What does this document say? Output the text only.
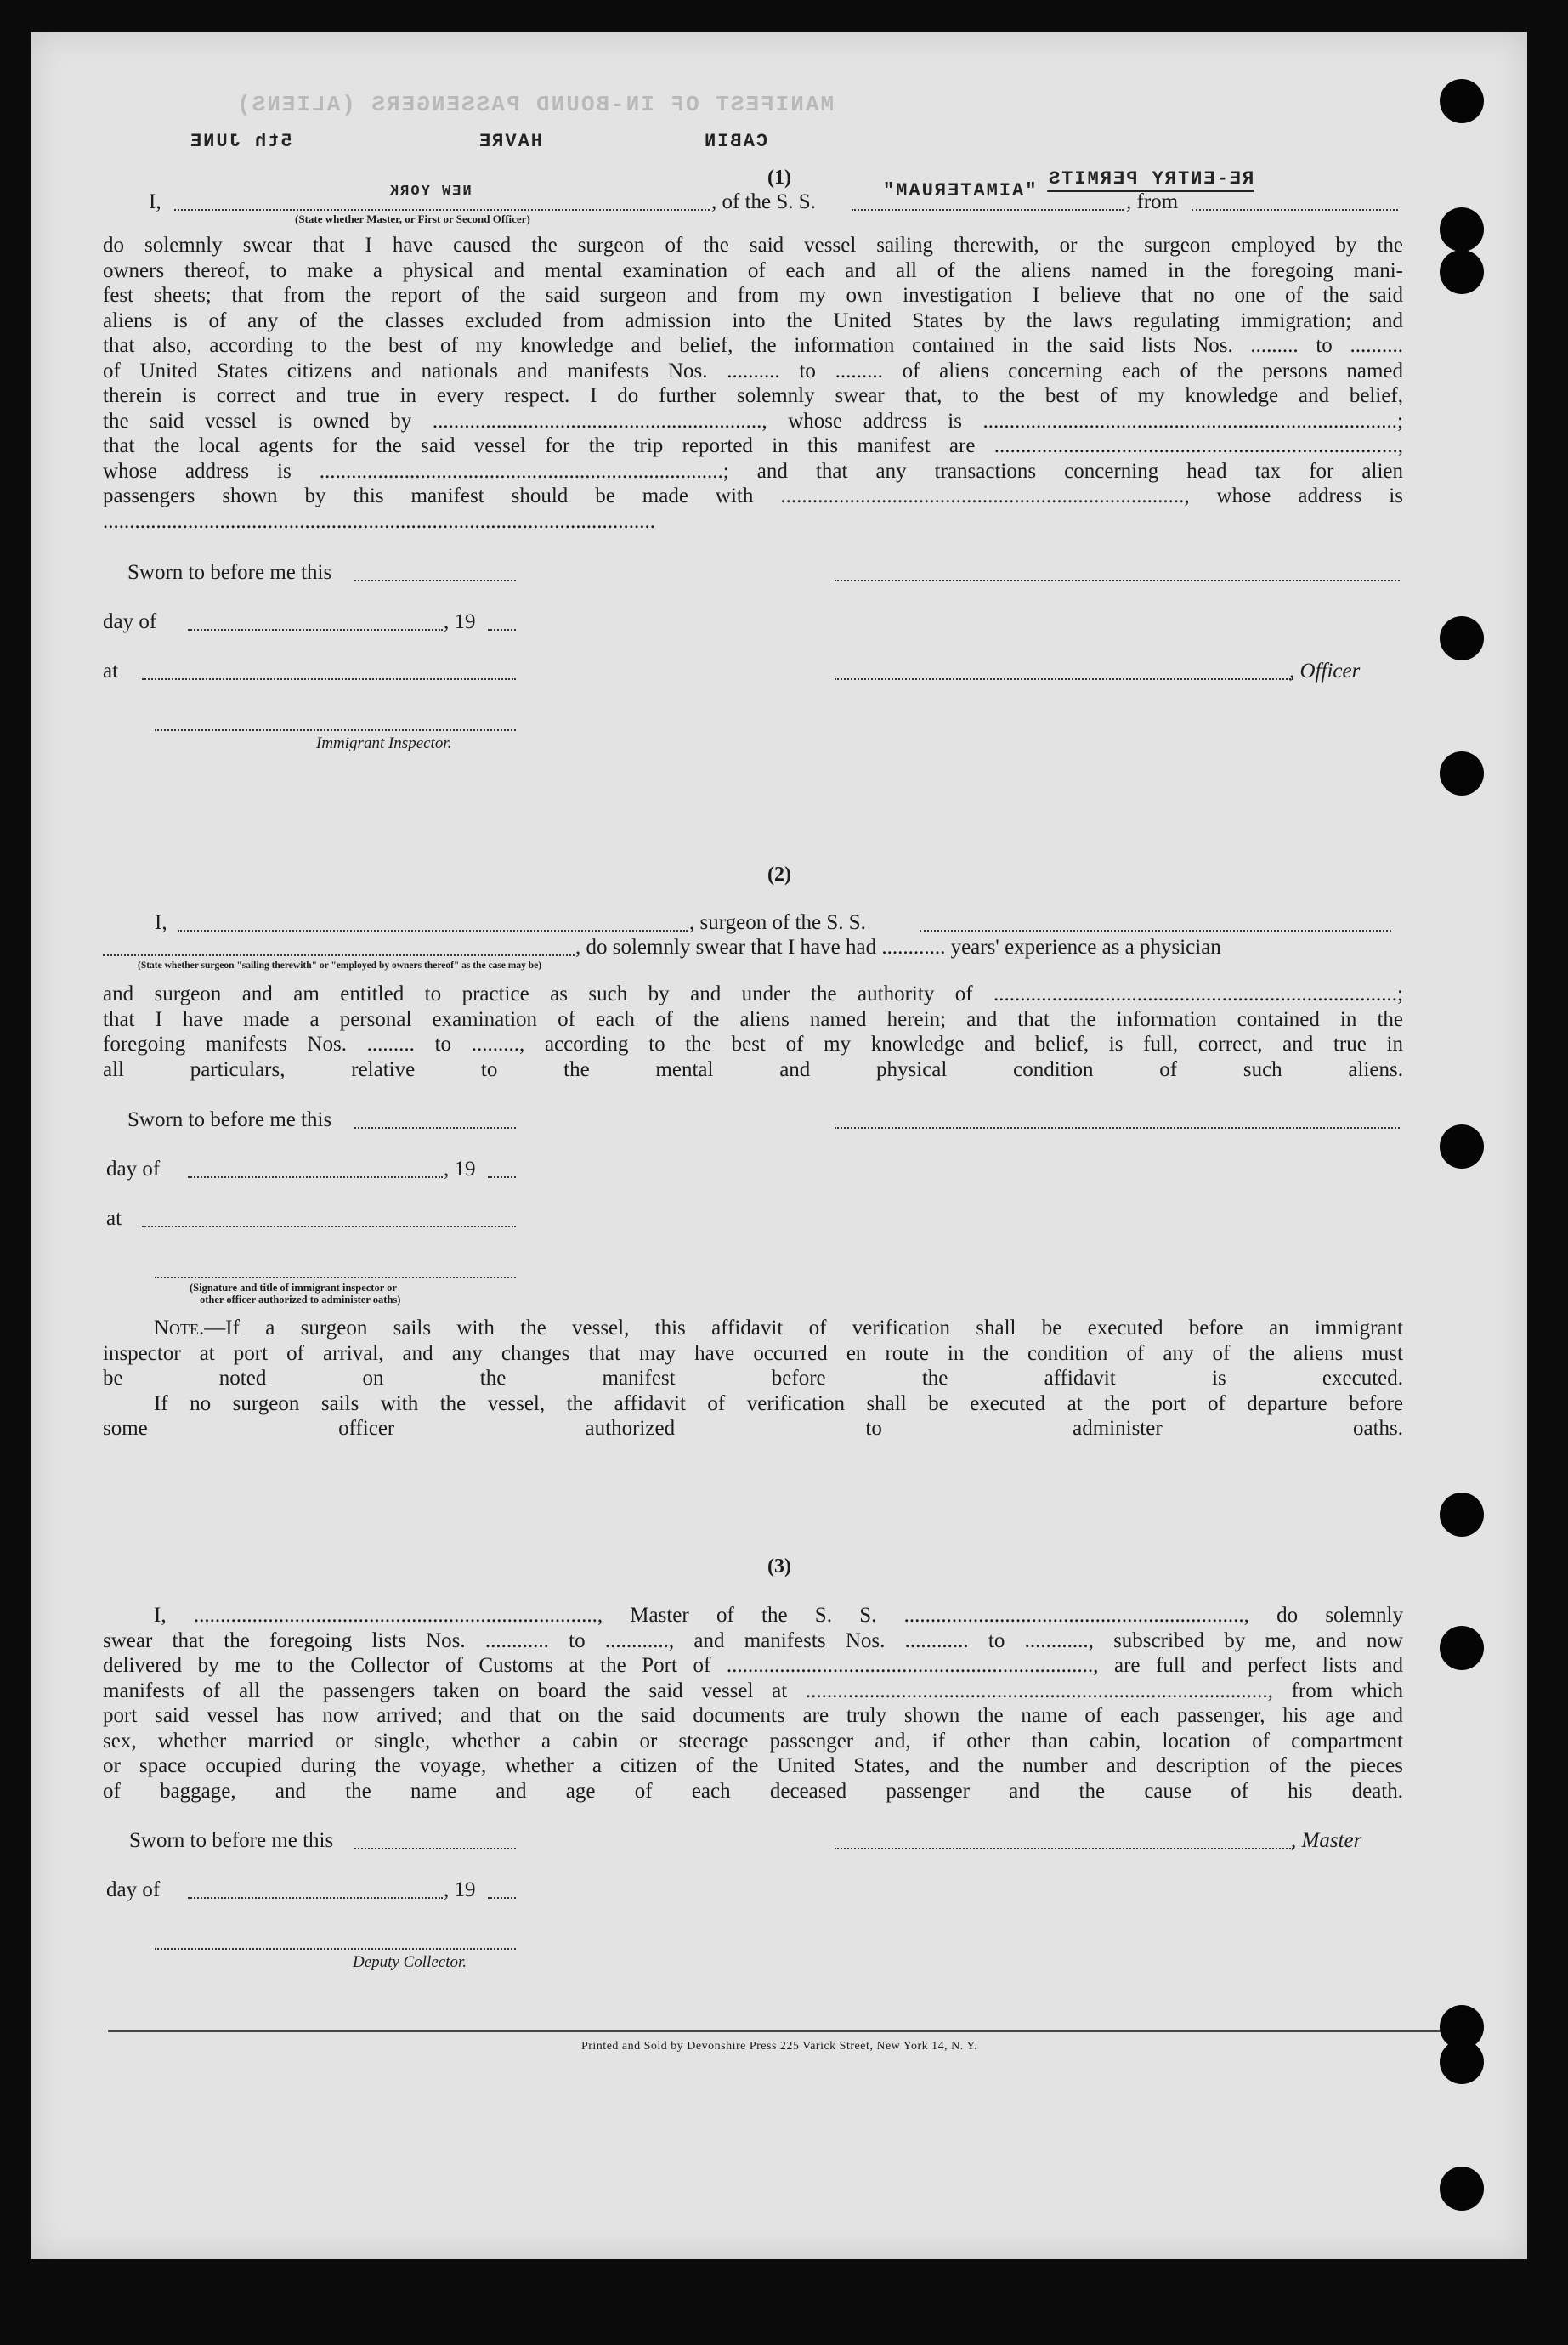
MANIFEST OF IN-BOUND PASSENGERS (ALIENS)
5th JUNE	HAVRE	CABIN
NEW YORK	"AIMATERUAM"
RE-ENTRY PERMITS
(1)
I,	, of the S. S.	, from
(State whether Master, or First or Second Officer)
do solemnly swear that I have caused the surgeon of the said vessel sailing therewith, or the surgeon employed by the
owners thereof, to make a physical and mental examination of each and all of the aliens named in the foregoing mani-
fest sheets; that from the report of the said surgeon and from my own investigation I believe that no one of the said
aliens is of any of the classes excluded from admission into the United States by the laws regulating immigration; and
that also, according to the best of my knowledge and belief, the information contained in the said lists Nos. ......... to ..........
of United States citizens and nationals and manifests Nos. .......... to ......... of aliens concerning each of the persons named
therein is correct and true in every respect. I do further solemnly swear that, to the best of my knowledge and belief,
the said vessel is owned by .............................................................., whose address is ..............................................................................;
that the local agents for the said vessel for the trip reported in this manifest are ............................................................................,
whose address is ............................................................................; and that any transactions concerning head tax for alien
passengers shown by this manifest should be made with ............................................................................, whose address is
........................................................................................................
Sworn to before me this
day of	, 19
at	, Officer
Immigrant Inspector.
(2)
I,	, surgeon of the S. S.
, do solemnly swear that I have had ............ years' experience as a physician
(State whether surgeon "sailing therewith" or "employed by owners thereof" as the case may be)
and surgeon and am entitled to practice as such by and under the authority of ............................................................................;
that I have made a personal examination of each of the aliens named herein; and that the information contained in the
foregoing manifests Nos. ......... to ........., according to the best of my knowledge and belief, is full, correct, and true in
all particulars, relative to the mental and physical condition of such aliens.
Sworn to before me this
day of	, 19
at
(Signature and title of immigrant inspector or
other officer authorized to administer oaths)
Note.—If a surgeon sails with the vessel, this affidavit of verification shall be executed before an immigrant
inspector at port of arrival, and any changes that may have occurred en route in the condition of any of the aliens must
be noted on the manifest before the affidavit is executed.
If no surgeon sails with the vessel, the affidavit of verification shall be executed at the port of departure before
some officer authorized to administer oaths.
(3)
I, ............................................................................, Master of the S. S. ................................................................, do solemnly
swear that the foregoing lists Nos. ............ to ............, and manifests Nos. ............ to ............, subscribed by me, and now
delivered by me to the Collector of Customs at the Port of ....................................................................., are full and perfect lists and
manifests of all the passengers taken on board the said vessel at ......................................................................................., from which
port said vessel has now arrived; and that on the said documents are truly shown the name of each passenger, his age and
sex, whether married or single, whether a cabin or steerage passenger and, if other than cabin, location of compartment
or space occupied during the voyage, whether a citizen of the United States, and the number and description of the pieces
of baggage, and the name and age of each deceased passenger and the cause of his death.
Sworn to before me this	, Master
day of	, 19
Deputy Collector.
Printed and Sold by Devonshire Press 225 Varick Street, New York 14, N. Y.
